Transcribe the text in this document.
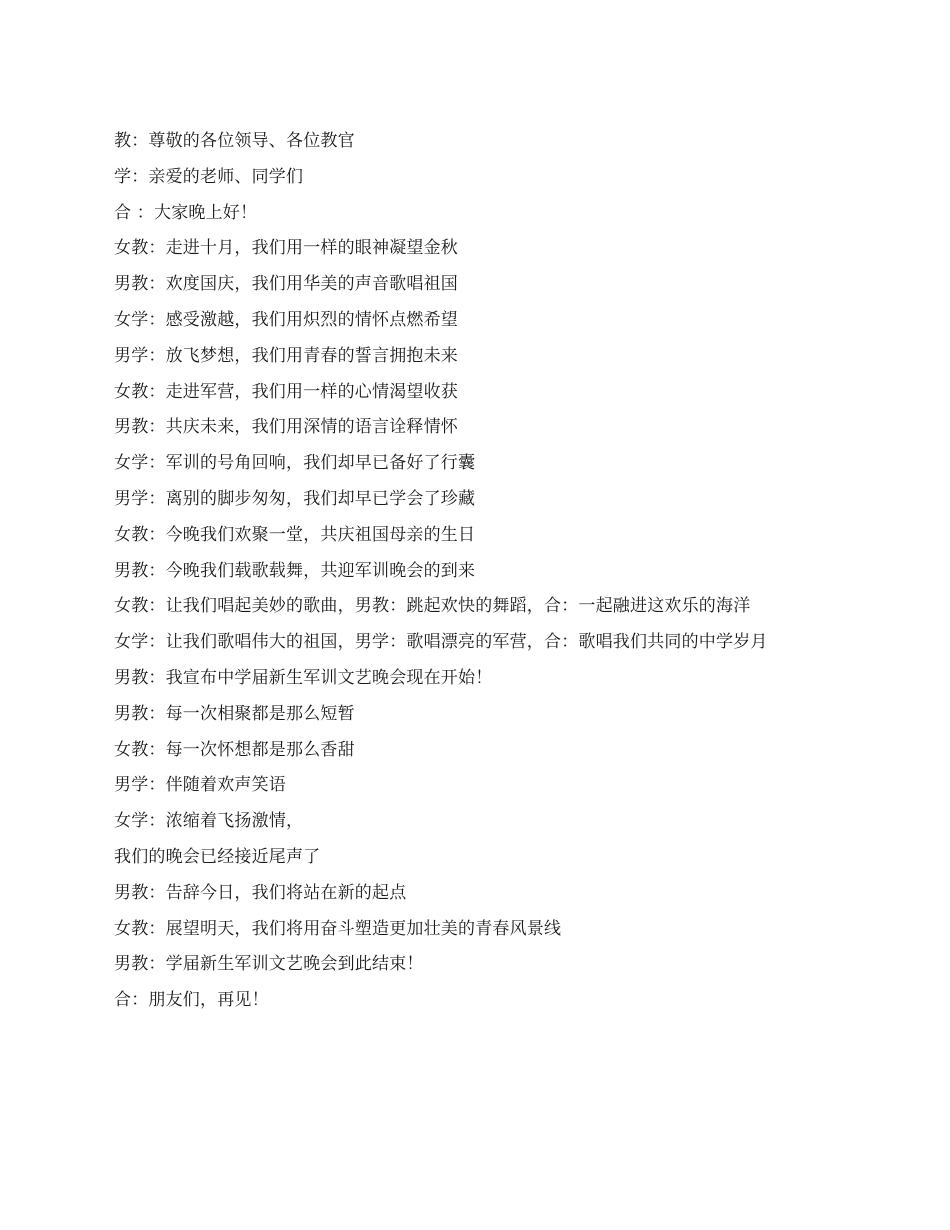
教：尊敬的各位领导、各位教官
学：亲爱的老师、同学们
合 ：大家晚上好！
女教：走进十月，我们用一样的眼神凝望金秋
男教：欢度国庆，我们用华美的声音歌唱祖国
女学：感受激越，我们用炽烈的情怀点燃希望
男学：放飞梦想，我们用青春的誓言拥抱未来
女教：走进军营，我们用一样的心情渴望收获
男教：共庆未来，我们用深情的语言诠释情怀
女学：军训的号角回响，我们却早已备好了行囊
男学：离别的脚步匆匆，我们却早已学会了珍藏
女教：今晚我们欢聚一堂，共庆祖国母亲的生日
男教：今晚我们载歌载舞，共迎军训晚会的到来
女教：让我们唱起美妙的歌曲，男教：跳起欢快的舞蹈，合：一起融进这欢乐的海洋
女学：让我们歌唱伟大的祖国，男学：歌唱漂亮的军营，合：歌唱我们共同的中学岁月
男教：我宣布中学届新生军训文艺晚会现在开始！
男教：每一次相聚都是那么短暂
女教：每一次怀想都是那么香甜
男学：伴随着欢声笑语
女学：浓缩着飞扬激情，
我们的晚会已经接近尾声了
男教：告辞今日，我们将站在新的起点
女教：展望明天，我们将用奋斗塑造更加壮美的青春风景线
男教：学届新生军训文艺晚会到此结束！
合：朋友们，再见！
